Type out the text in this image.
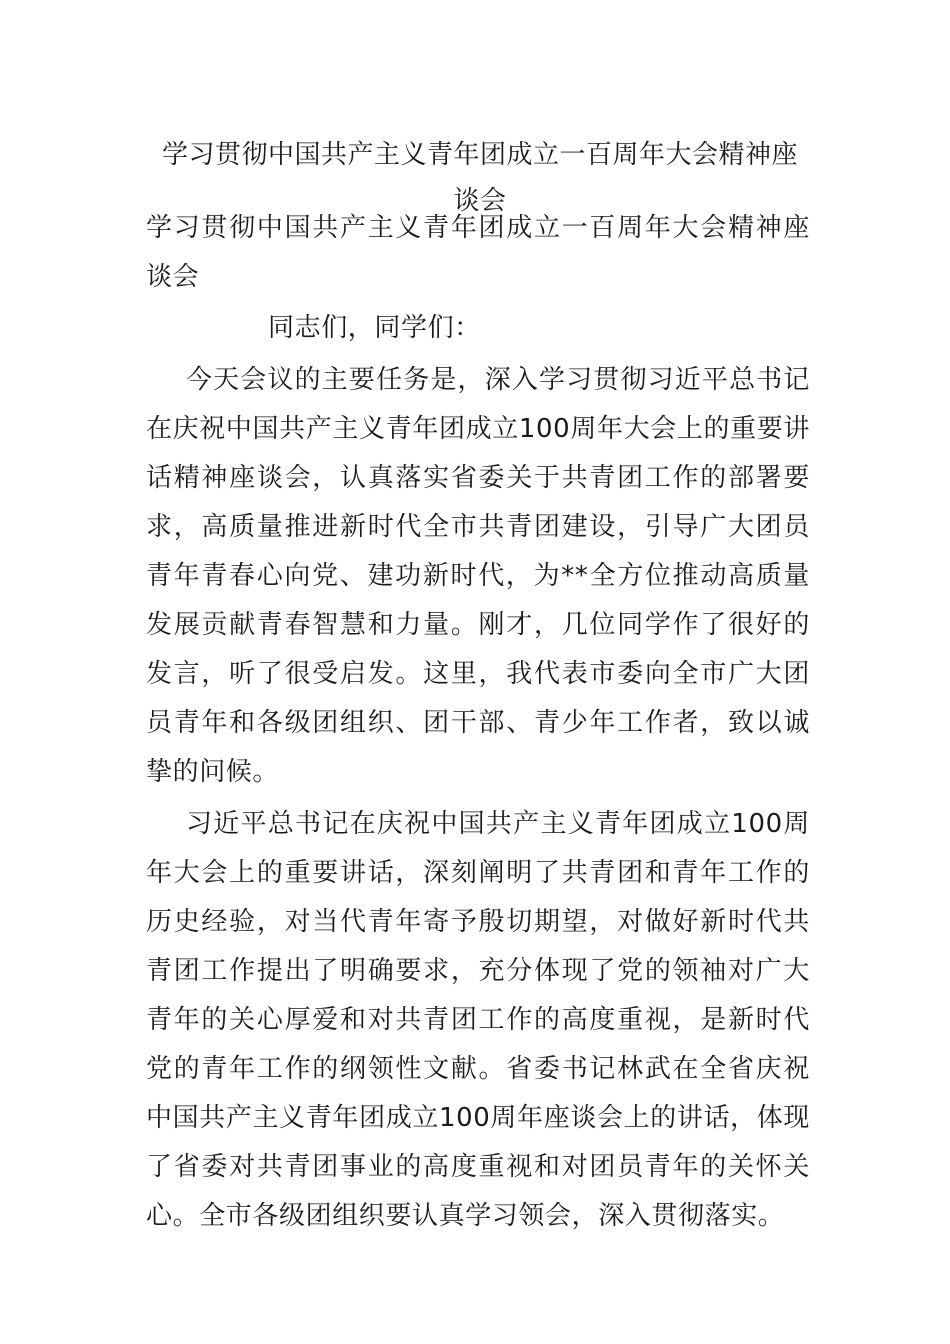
学习贯彻中国共产主义青年团成立一百周年大会精神座谈会

学习贯彻中国共产主义青年团成立一百周年大会精神座谈会

同志们，同学们：

今天会议的主要任务是，深入学习贯彻习近平总书记在庆祝中国共产主义青年团成立100周年大会上的重要讲话精神座谈会，认真落实省委关于共青团工作的部署要求，高质量推进新时代全市共青团建设，引导广大团员青年青春心向党、建功新时代，为**全方位推动高质量发展贡献青春智慧和力量。刚才，几位同学作了很好的发言，听了很受启发。这里，我代表市委向全市广大团员青年和各级团组织、团干部、青少年工作者，致以诚挚的问候。

习近平总书记在庆祝中国共产主义青年团成立100周年大会上的重要讲话，深刻阐明了共青团和青年工作的历史经验，对当代青年寄予殷切期望，对做好新时代共青团工作提出了明确要求，充分体现了党的领袖对广大青年的关心厚爱和对共青团工作的高度重视，是新时代党的青年工作的纲领性文献。省委书记林武在全省庆祝中国共产主义青年团成立100周年座谈会上的讲话，体现了省委对共青团事业的高度重视和对团员青年的关怀关心。全市各级团组织要认真学习领会，深入贯彻落实。
